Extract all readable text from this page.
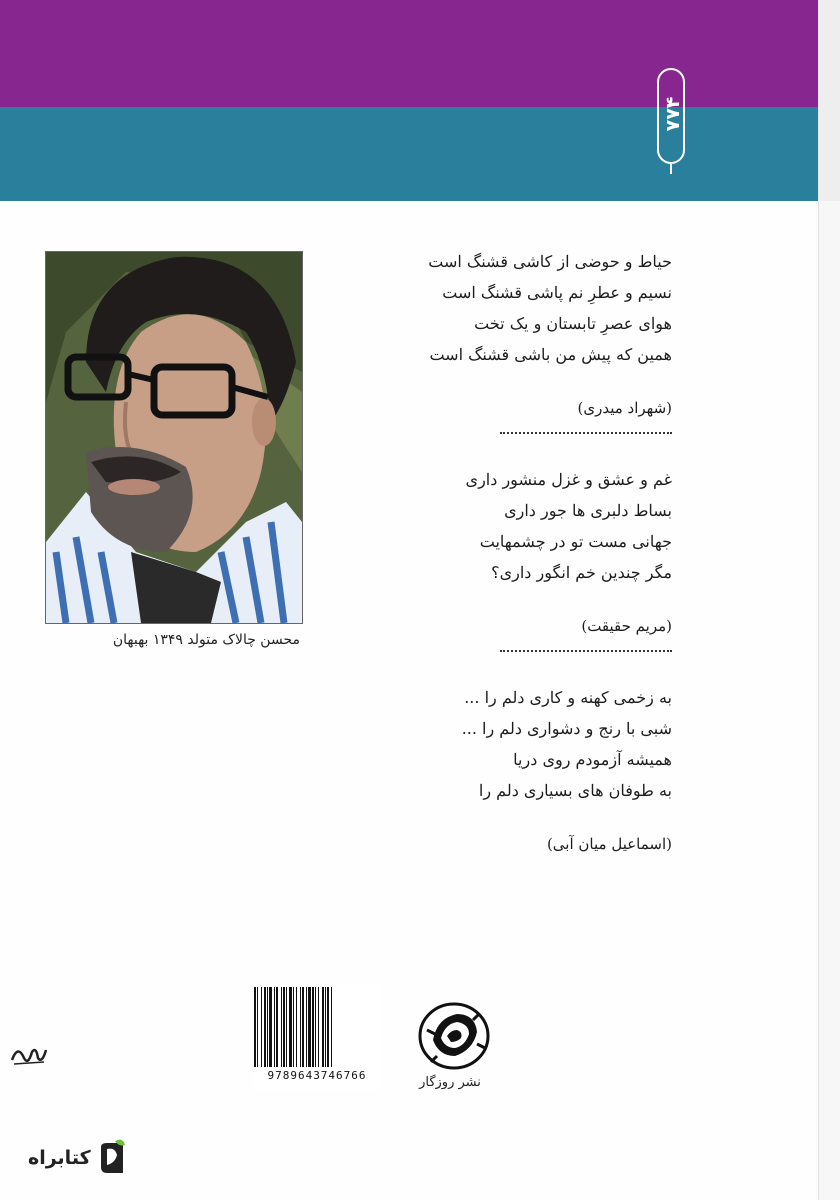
۷۷۴
محسن چالاک متولد ۱۳۴۹ بهبهان
حیاط و حوضی از کاشی قشنگ است
نسیم و عطرِ نم پاشی قشنگ است
هوای عصرِ تابستان و یک تخت
همین که پیش من باشی قشنگ است
(شهراد میدری)
غم و عشق و غزل منشور داری
بساط دلبری ها جور داری
جهانی مست تو در چشمهایت
مگر چندین خم انگور داری؟
(مریم حقیقت)
به زخمی کهنه و کاری دلم را ...
شبی با رنج و دشواری دلم را ...
همیشه آزمودم روی دریا
به طوفان های بسیاری دلم را
(اسماعیل میان آبی)
9789643746766	نشر روزگار
کتابراه
